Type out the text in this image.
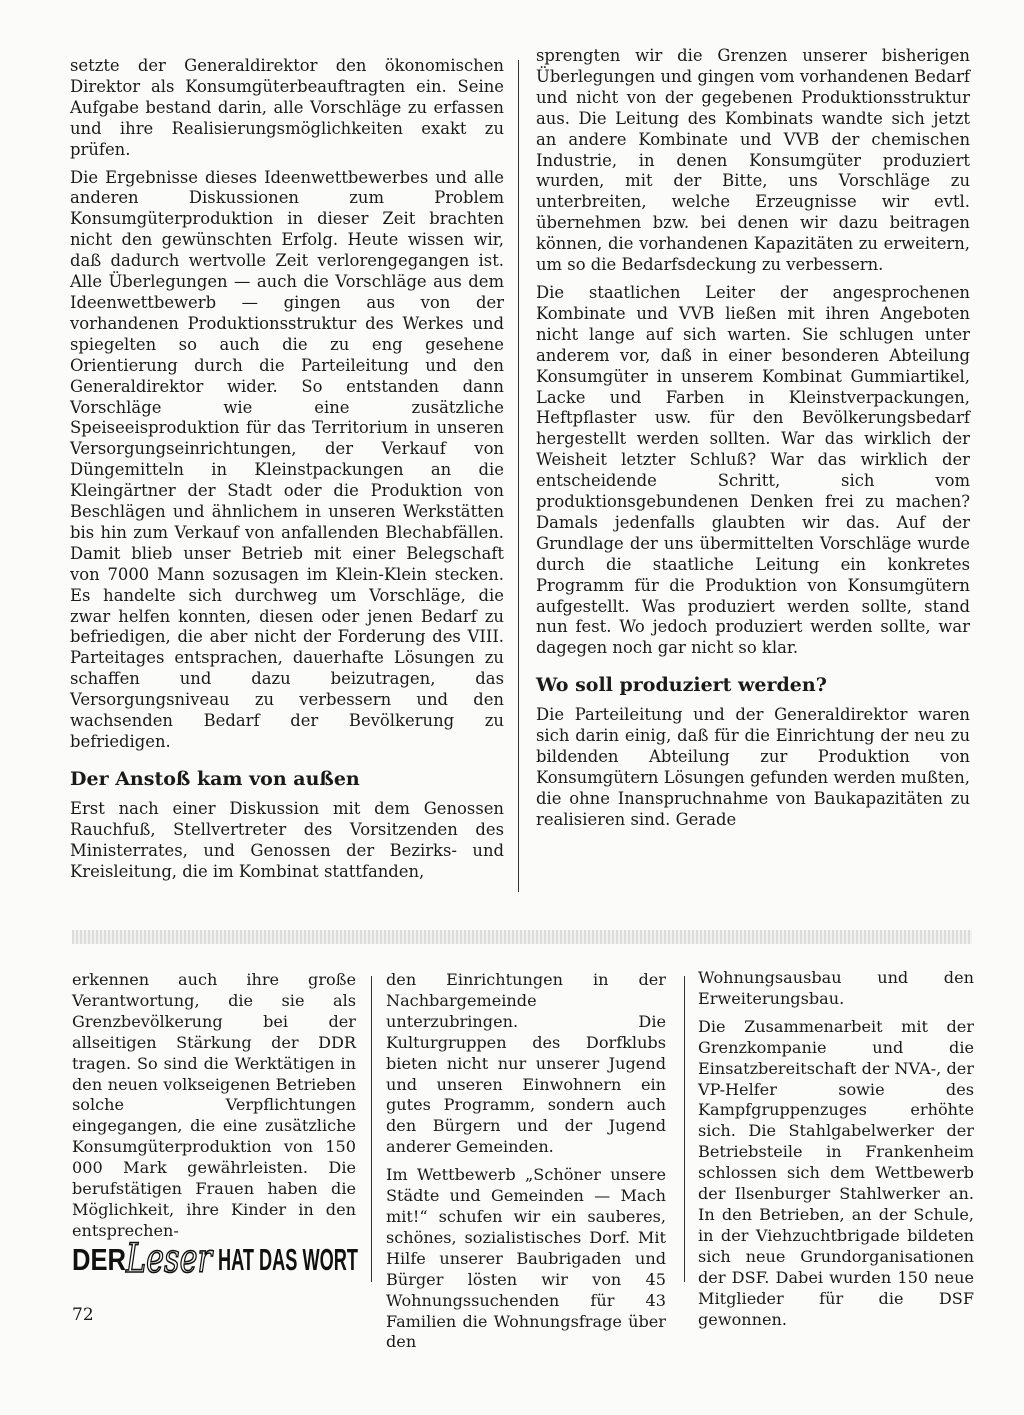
setzte der Generaldirektor den ökonomischen Direktor als Konsumgüterbeauftragten ein. Seine Aufgabe bestand darin, alle Vorschläge zu erfassen und ihre Realisierungsmöglichkeiten exakt zu prüfen.

Die Ergebnisse dieses Ideenwettbewerbes und alle anderen Diskussionen zum Problem Konsumgüterproduktion in dieser Zeit brachten nicht den gewünschten Erfolg. Heute wissen wir, daß dadurch wertvolle Zeit verlorengegangen ist. Alle Überlegungen — auch die Vorschläge aus dem Ideenwettbewerb — gingen aus von der vorhandenen Produktionsstruktur des Werkes und spiegelten so auch die zu eng gesehene Orientierung durch die Parteileitung und den Generaldirektor wider. So entstanden dann Vorschläge wie eine zusätzliche Speiseeisproduktion für das Territorium in unseren Versorgungseinrichtungen, der Verkauf von Düngemitteln in Kleinstpackungen an die Kleingärtner der Stadt oder die Produktion von Beschlägen und ähnlichem in unseren Werkstätten bis hin zum Verkauf von anfallenden Blechabfällen. Damit blieb unser Betrieb mit einer Belegschaft von 7000 Mann sozusagen im Klein-Klein stecken. Es handelte sich durchweg um Vorschläge, die zwar helfen konnten, diesen oder jenen Bedarf zu befriedigen, die aber nicht der Forderung des VIII. Parteitages entsprachen, dauerhafte Lösungen zu schaffen und dazu beizutragen, das Versorgungsniveau zu verbessern und den wachsenden Bedarf der Bevölkerung zu befriedigen.

Der Anstoß kam von außen

Erst nach einer Diskussion mit dem Genossen Rauchfuß, Stellvertreter des Vorsitzenden des Ministerrates, und Genossen der Bezirks- und Kreisleitung, die im Kombinat stattfanden,

sprengten wir die Grenzen unserer bisherigen Überlegungen und gingen vom vorhandenen Bedarf und nicht von der gegebenen Produktionsstruktur aus. Die Leitung des Kombinats wandte sich jetzt an andere Kombinate und VVB der chemischen Industrie, in denen Konsumgüter produziert wurden, mit der Bitte, uns Vorschläge zu unterbreiten, welche Erzeugnisse wir evtl. übernehmen bzw. bei denen wir dazu beitragen können, die vorhandenen Kapazitäten zu erweitern, um so die Bedarfsdeckung zu verbessern.

Die staatlichen Leiter der angesprochenen Kombinate und VVB ließen mit ihren Angeboten nicht lange auf sich warten. Sie schlugen unter anderem vor, daß in einer besonderen Abteilung Konsumgüter in unserem Kombinat Gummiartikel, Lacke und Farben in Kleinstverpackungen, Heftpflaster usw. für den Bevölkerungsbedarf hergestellt werden sollten. War das wirklich der Weisheit letzter Schluß? War das wirklich der entscheidende Schritt, sich vom produktionsgebundenen Denken frei zu machen? Damals jedenfalls glaubten wir das. Auf der Grundlage der uns übermittelten Vorschläge wurde durch die staatliche Leitung ein konkretes Programm für die Produktion von Konsumgütern aufgestellt. Was produziert werden sollte, stand nun fest. Wo jedoch produziert werden sollte, war dagegen noch gar nicht so klar.

Wo soll produziert werden?

Die Parteileitung und der Generaldirektor waren sich darin einig, daß für die Einrichtung der neu zu bildenden Abteilung zur Produktion von Konsumgütern Lösungen gefunden werden mußten, die ohne Inanspruchnahme von Baukapazitäten zu realisieren sind. Gerade

erkennen auch ihre große Verantwortung, die sie als Grenzbevölkerung bei der allseitigen Stärkung der DDR tragen. So sind die Werktätigen in den neuen volkseigenen Betrieben solche Verpflichtungen eingegangen, die eine zusätzliche Konsumgüterproduktion von 150 000 Mark gewährleisten. Die berufstätigen Frauen haben die Möglichkeit, ihre Kinder in den entsprechen-

den Einrichtungen in der Nachbargemeinde unterzubringen. Die Kulturgruppen des Dorfklubs bieten nicht nur unserer Jugend und unseren Einwohnern ein gutes Programm, sondern auch den Bürgern und der Jugend anderer Gemeinden.

Im Wettbewerb „Schöner unsere Städte und Gemeinden — Mach mit!“ schufen wir ein sauberes, schönes, sozialistisches Dorf. Mit Hilfe unserer Baubrigaden und Bürger lösten wir von 45 Wohnungssuchenden für 43 Familien die Wohnungsfrage über den

Wohnungsausbau und den Erweiterungsbau.

Die Zusammenarbeit mit der Grenzkompanie und die Einsatzbereitschaft der NVA-, der VP-Helfer sowie des Kampfgruppenzuges erhöhte sich. Die Stahlgabelwerker der Betriebsteile in Frankenheim schlossen sich dem Wettbewerb der Ilsenburger Stahlwerker an. In den Betrieben, an der Schule, in der Viehzuchtbrigade bildeten sich neue Grundorganisationen der DSF. Dabei wurden 150 neue Mitglieder für die DSF gewonnen.

DER Leser HAT DAS WORT
72
